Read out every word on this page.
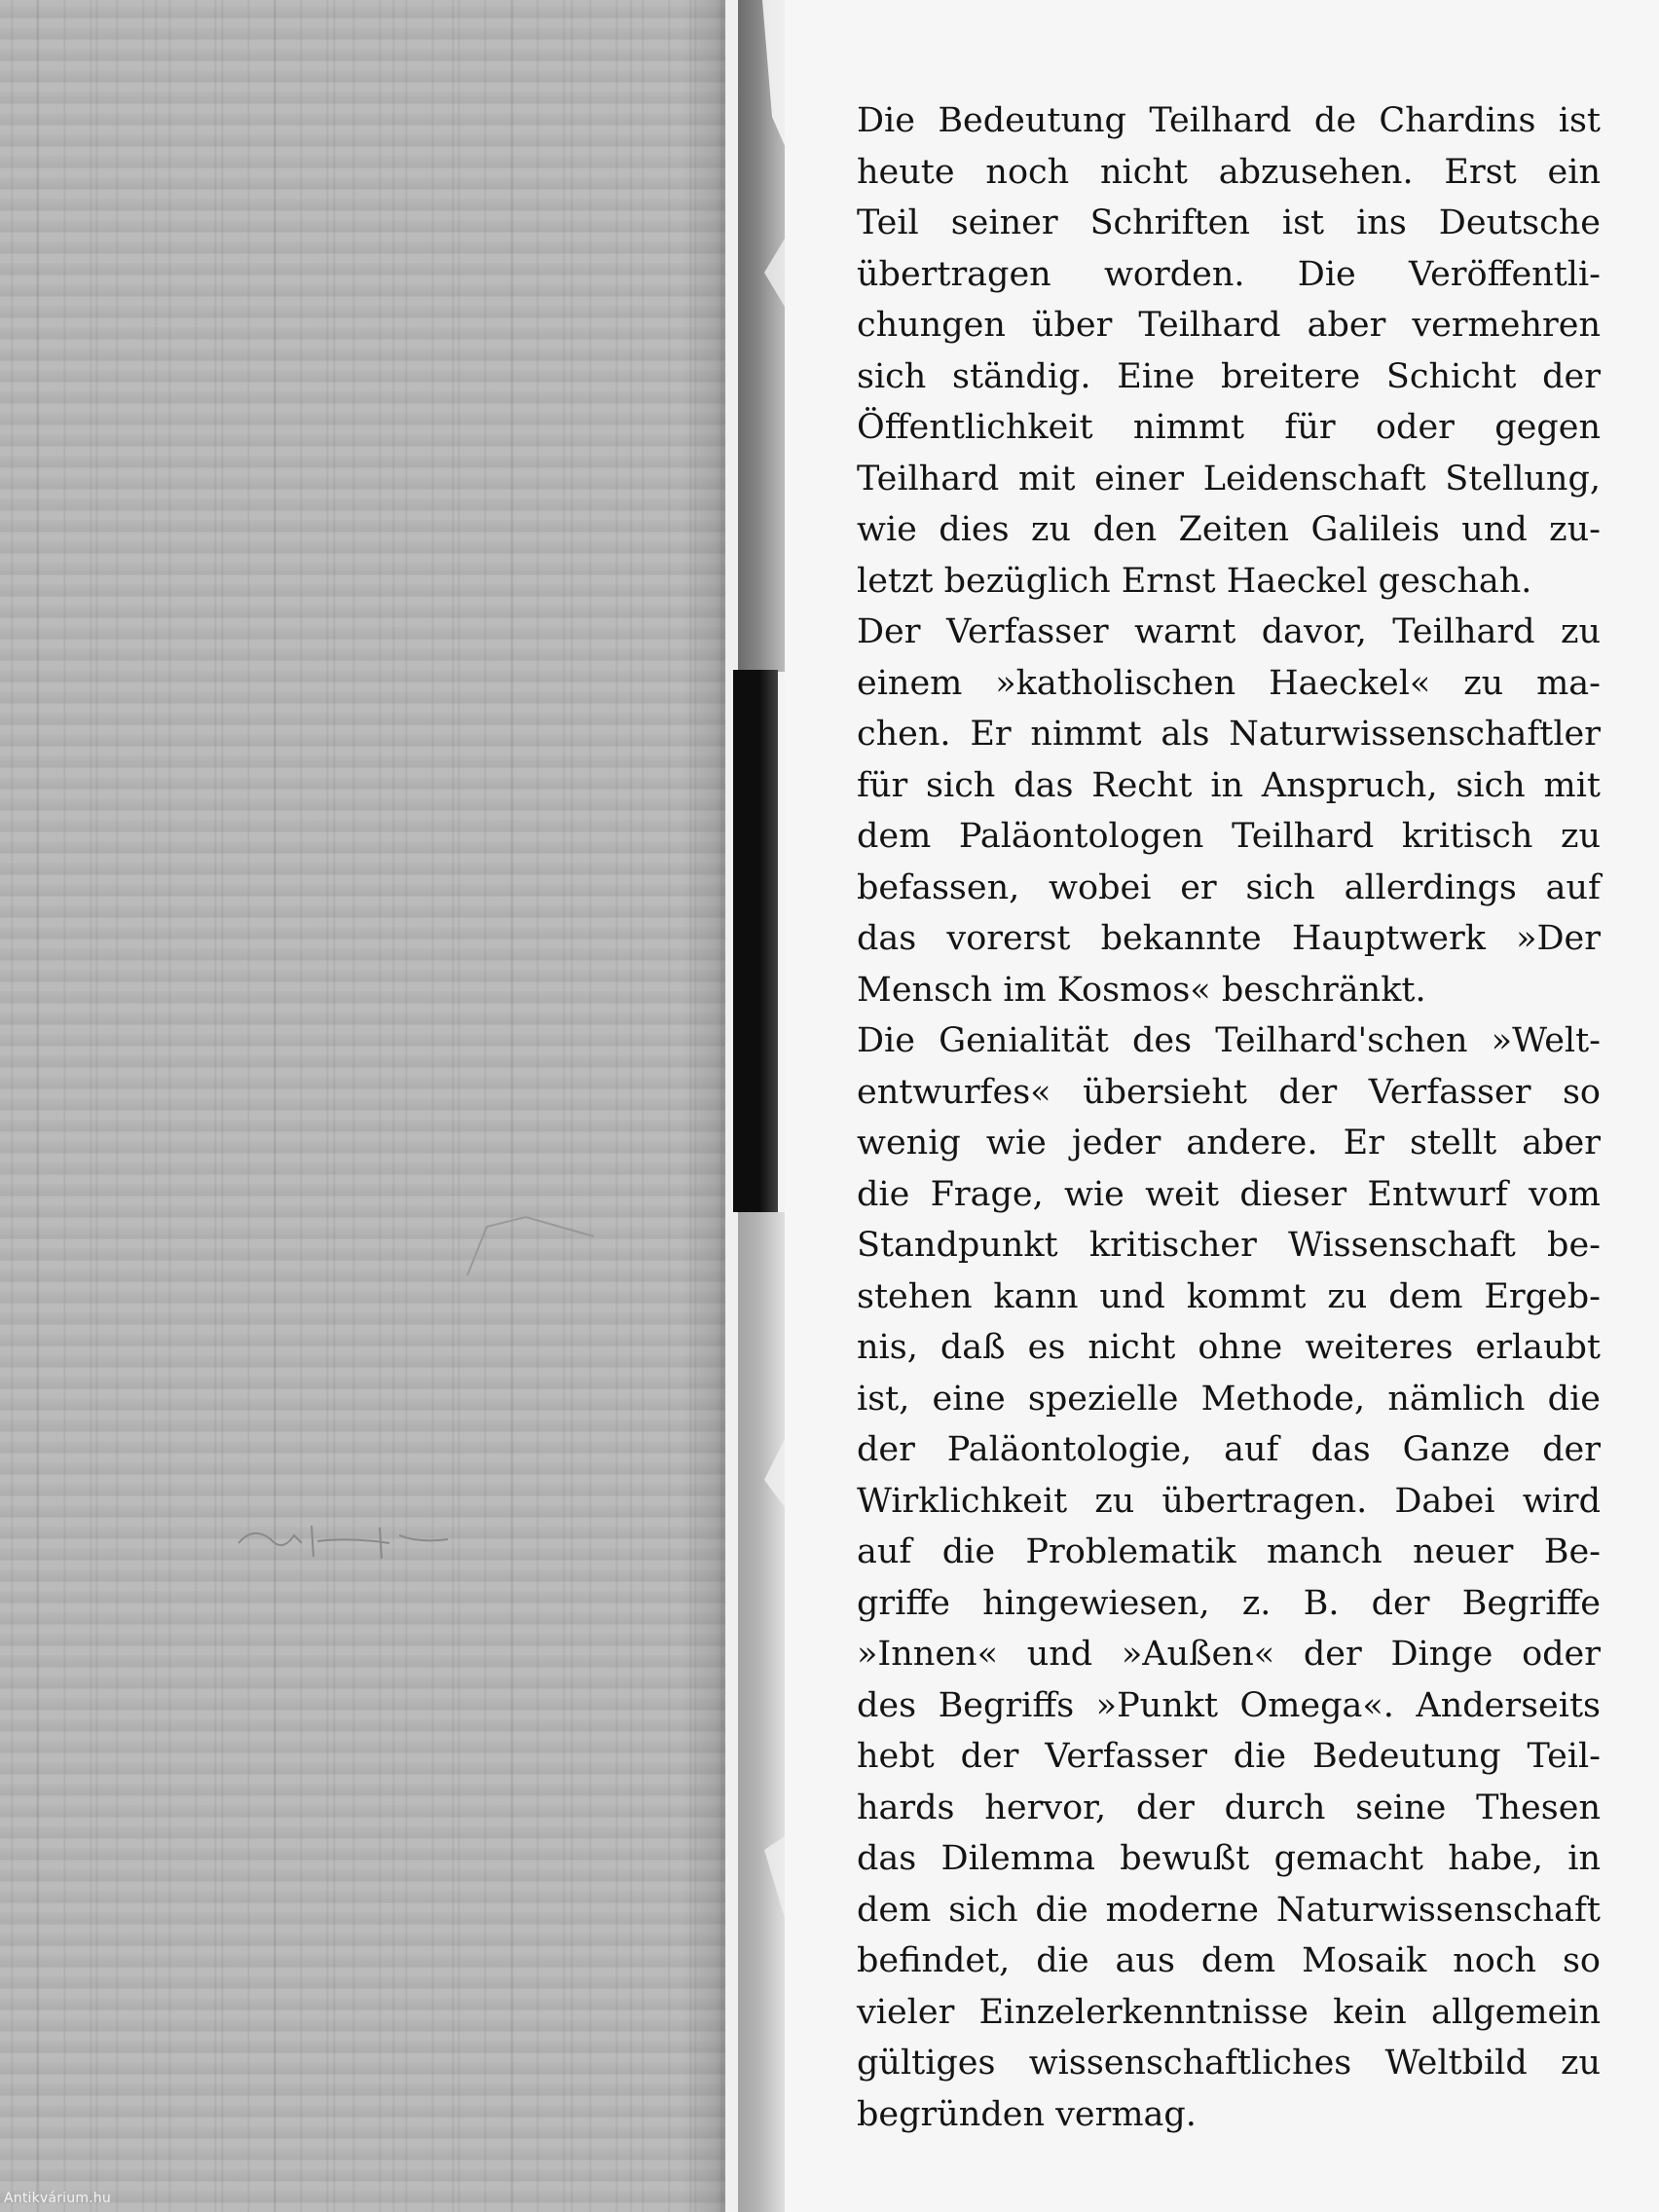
Die Bedeutung Teilhard de Chardins ist
heute noch nicht abzusehen. Erst ein
Teil seiner Schriften ist ins Deutsche
übertragen worden. Die Veröffentli-
chungen über Teilhard aber vermehren
sich ständig. Eine breitere Schicht der
Öffentlichkeit nimmt für oder gegen
Teilhard mit einer Leidenschaft Stellung,
wie dies zu den Zeiten Galileis und zu-
letzt bezüglich Ernst Haeckel geschah.
Der Verfasser warnt davor, Teilhard zu
einem »katholischen Haeckel« zu ma-
chen. Er nimmt als Naturwissenschaftler
für sich das Recht in Anspruch, sich mit
dem Paläontologen Teilhard kritisch zu
befassen, wobei er sich allerdings auf
das vorerst bekannte Hauptwerk »Der
Mensch im Kosmos« beschränkt.
Die Genialität des Teilhard'schen »Welt-
entwurfes« übersieht der Verfasser so
wenig wie jeder andere. Er stellt aber
die Frage, wie weit dieser Entwurf vom
Standpunkt kritischer Wissenschaft be-
stehen kann und kommt zu dem Ergeb-
nis, daß es nicht ohne weiteres erlaubt
ist, eine spezielle Methode, nämlich die
der Paläontologie, auf das Ganze der
Wirklichkeit zu übertragen. Dabei wird
auf die Problematik manch neuer Be-
griffe hingewiesen, z. B. der Begriffe
»Innen« und »Außen« der Dinge oder
des Begriffs »Punkt Omega«. Anderseits
hebt der Verfasser die Bedeutung Teil-
hards hervor, der durch seine Thesen
das Dilemma bewußt gemacht habe, in
dem sich die moderne Naturwissenschaft
befindet, die aus dem Mosaik noch so
vieler Einzelerkenntnisse kein allgemein
gültiges wissenschaftliches Weltbild zu
begründen vermag.
Antikvárium.hu
